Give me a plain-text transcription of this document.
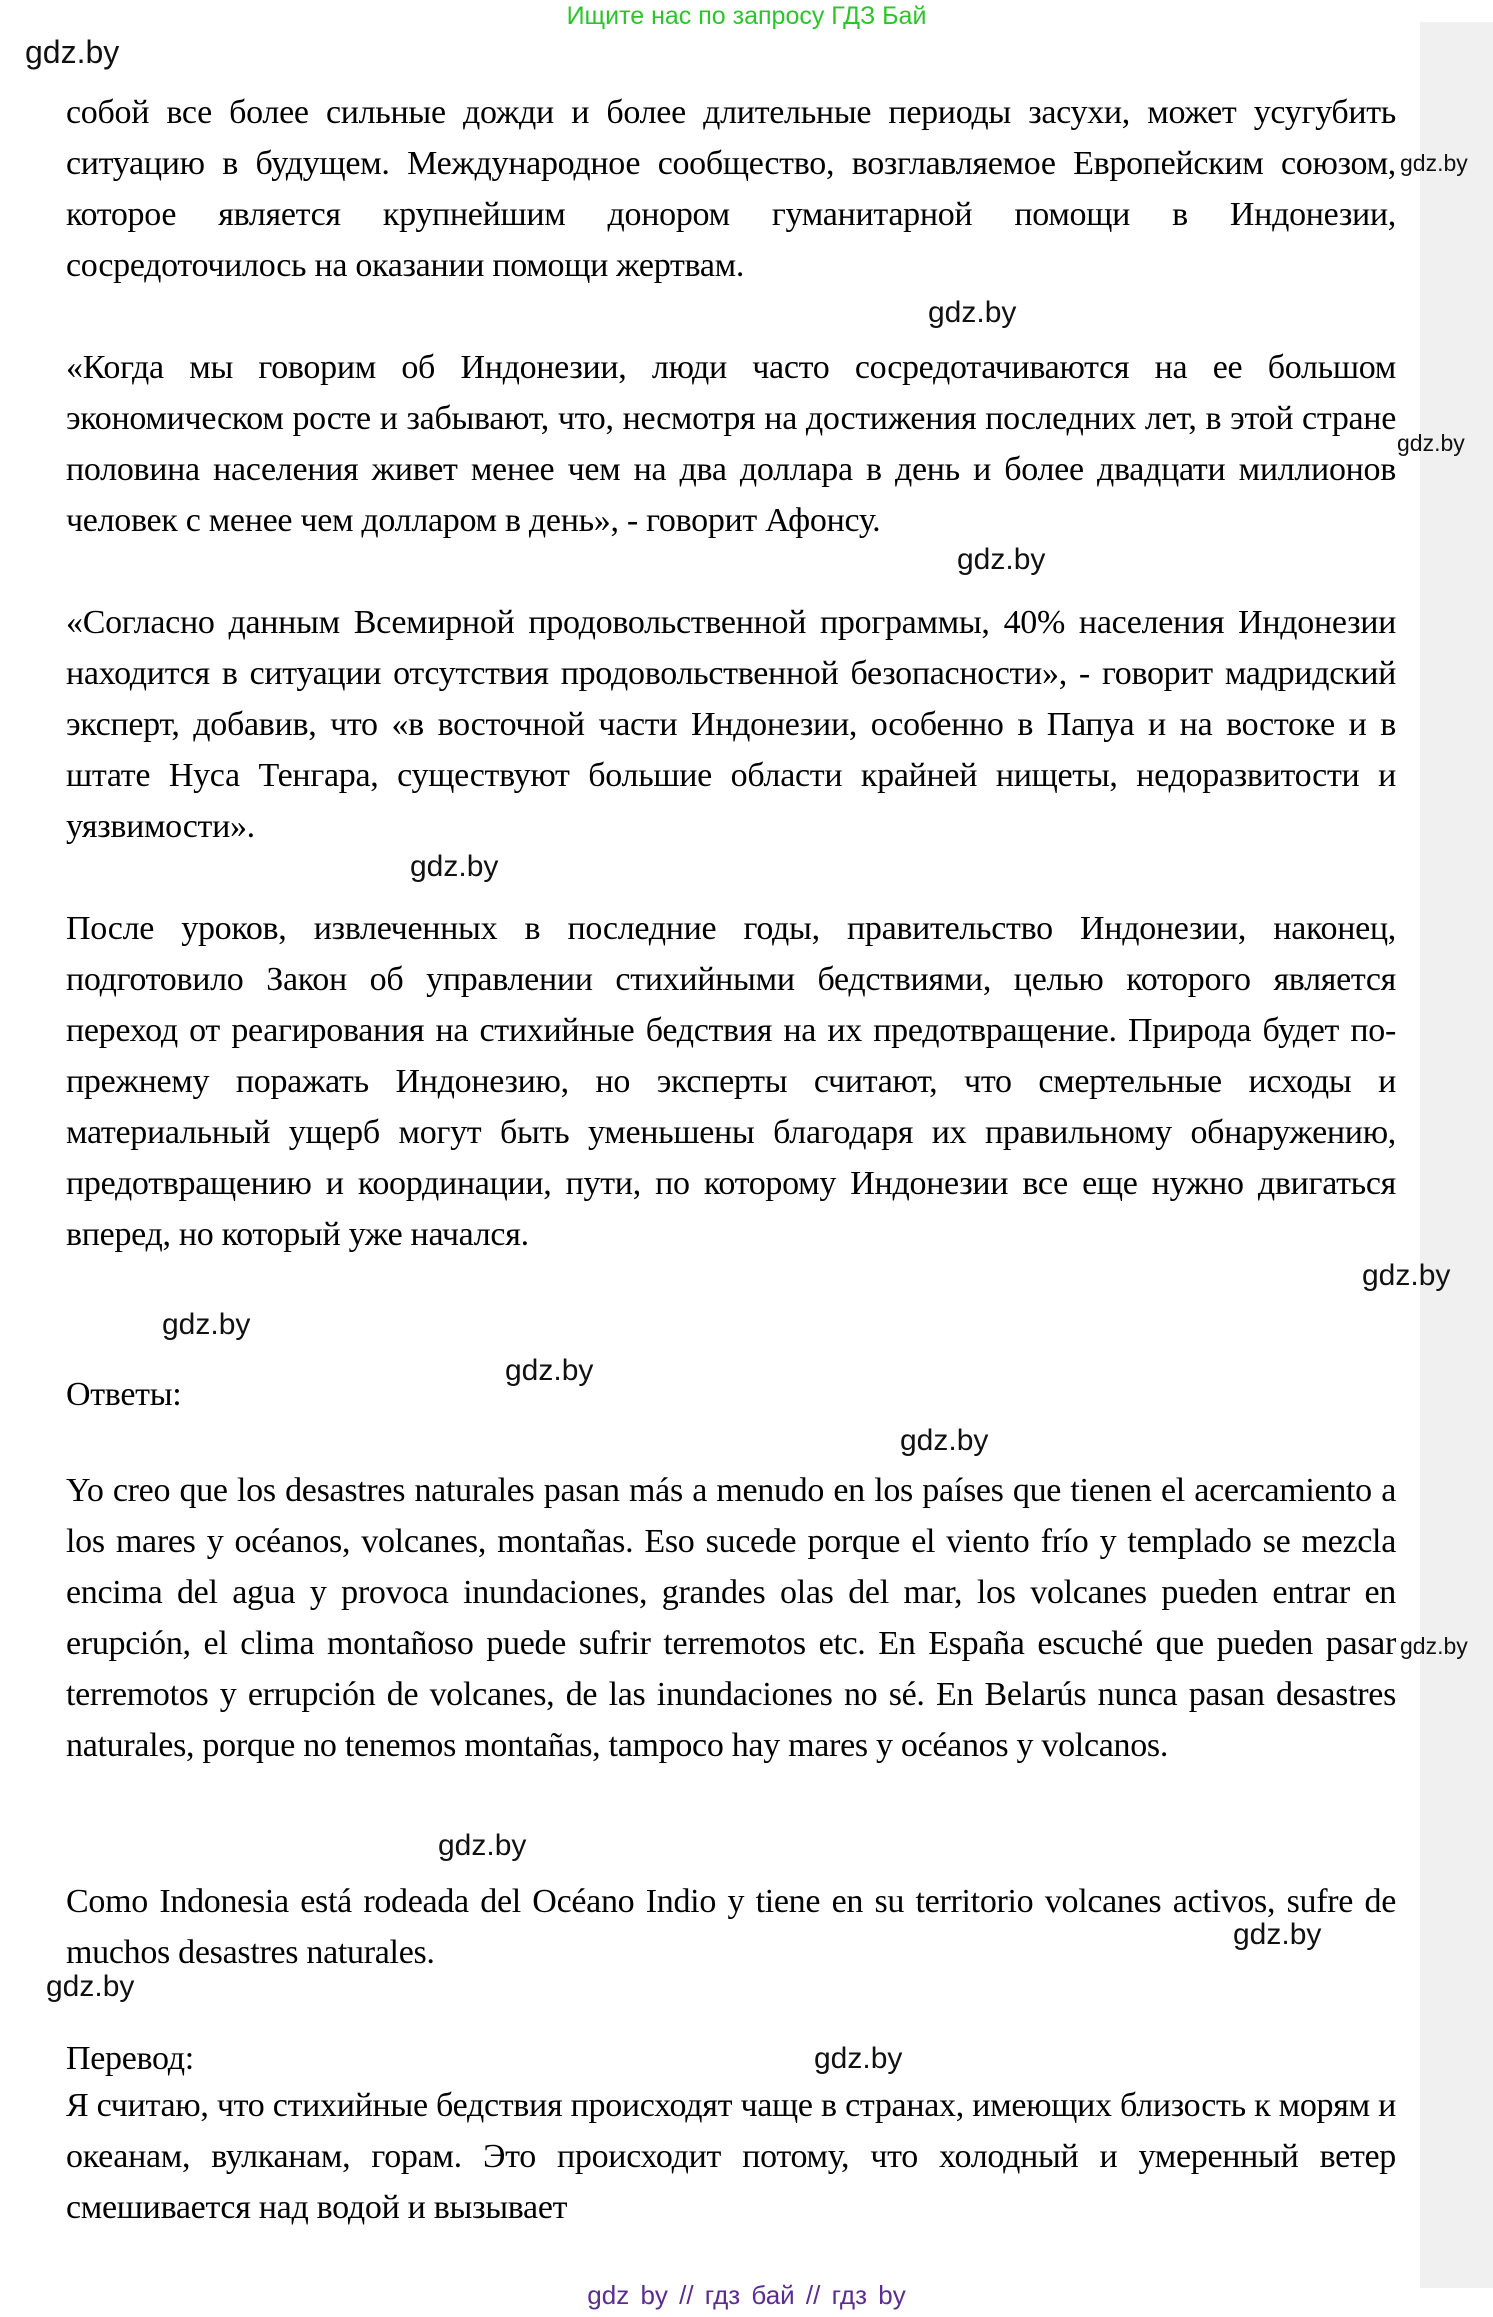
Ищите нас по запросу ГДЗ Бай

собой все более сильные дожди и более длительные периоды засухи, может усугубить ситуацию в будущем. Международное сообщество, возглавляемое Европейским союзом, которое является крупнейшим донором гуманитарной помощи в Индонезии, сосредоточилось на оказании помощи жертвам.

«Когда мы говорим об Индонезии, люди часто сосредотачиваются на ее большом экономическом росте и забывают, что, несмотря на достижения последних лет, в этой стране половина населения живет менее чем на два доллара в день и более двадцати миллионов человек с менее чем долларом в день», - говорит Афонсу.

«Согласно данным Всемирной продовольственной программы, 40% населения Индонезии находится в ситуации отсутствия продовольственной безопасности», - говорит мадридский эксперт, добавив, что «в восточной части Индонезии, особенно в Папуа и на востоке и в штате Нуса Тенгара, существуют большие области крайней нищеты, недоразвитости и уязвимости».

После уроков, извлеченных в последние годы, правительство Индонезии, наконец, подготовило Закон об управлении стихийными бедствиями, целью которого является переход от реагирования на стихийные бедствия на их предотвращение. Природа будет по-прежнему поражать Индонезию, но эксперты считают, что смертельные исходы и материальный ущерб могут быть уменьшены благодаря их правильному обнаружению, предотвращению и координации, пути, по которому Индонезии все еще нужно двигаться вперед, но который уже начался.

Ответы:

Yo creo que los desastres naturales pasan más a menudo en los países que tienen el acercamiento a los mares y océanos, volcanes, montañas. Eso sucede porque el viento frío y templado se mezcla encima del agua y provoca inundaciones, grandes olas del mar, los volcanes pueden entrar en erupción, el clima montañoso puede sufrir terremotos etc. En España escuché que pueden pasar terremotos y errupción de volcanes, de las inundaciones no sé. En Belarús nunca pasan desastres naturales, porque no tenemos montañas, tampoco hay mares y océanos y volcanos.

Como Indonesia está rodeada del Océano Indio y tiene en su territorio volcanes activos, sufre de muchos desastres naturales.

Перевод:

Я считаю, что стихийные бедствия происходят чаще в странах, имеющих близость к морям и океанам, вулканам, горам. Это происходит потому, что холодный и умеренный ветер смешивается над водой и вызывает

gdz.by
gdz.by
gdz.by
gdz.by
gdz.by
gdz.by
gdz.by
gdz.by
gdz.by
gdz.by
gdz.by
gdz.by
gdz.by
gdz.by
gdz.by
gdz by // гдз бай // гдз by
